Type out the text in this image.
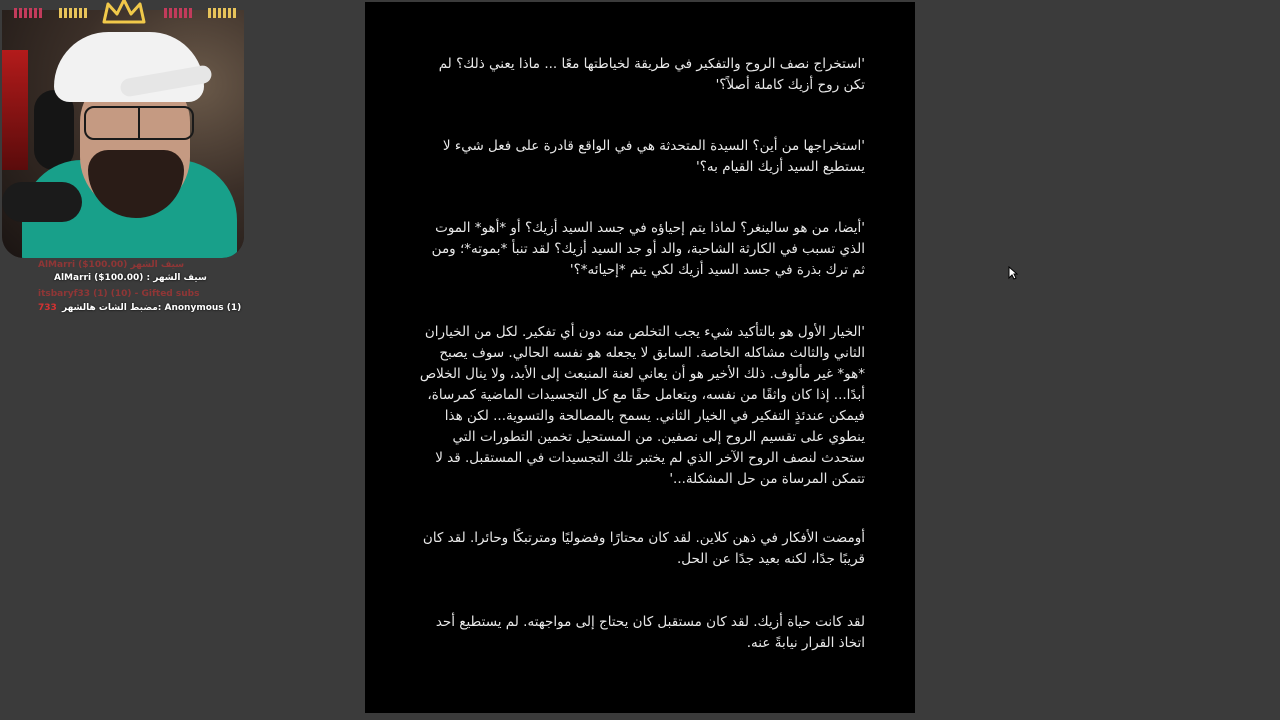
AlMarri ($100.00) سيف الشهر
AlMarri ($100.00) : سيف الشهر
itsbaryf33 (1) (10) - Gifted subs
733 مضبط الشات هالشهر: Anonymous (1)

'استخراج نصف الروح والتفكير في طريقة لخياطتها معًا ... ماذا يعني ذلك؟ لم تكن روح أزيك كاملة أصلاً؟'

'استخراجها من أين؟ السيدة المتحدثة هي في الواقع قادرة على فعل شيء لا يستطيع السيد أزيك القيام به؟'

'أيضا، من هو سالينغر؟ لماذا يتم إحياؤه في جسد السيد أزيك؟ أو *أهو* الموت الذي تسبب في الكارثة الشاحبة، والد أو جد السيد أزيك؟ لقد تنبأ *بموته*؛ ومن ثم ترك بذرة في جسد السيد أزيك لكي يتم *إحيائه*؟'

'الخيار الأول هو بالتأكيد شيء يجب التخلص منه دون أي تفكير. لكل من الخياران الثاني والثالث مشاكله الخاصة. السابق لا يجعله هو نفسه الحالي. سوف يصبح *هو* غير مألوف. ذلك الأخير هو أن يعاني لعنة المنبعث إلى الأبد، ولا ينال الخلاص أبدًا... إذا كان واثقًا من نفسه، ويتعامل حقًا مع كل التجسيدات الماضية كمرساة، فيمكن عندئذٍ التفكير في الخيار الثاني. يسمح بالمصالحة والتسوية... لكن هذا ينطوي على تقسيم الروح إلى نصفين. من المستحيل تخمين التطورات التي ستحدث لنصف الروح الآخر الذي لم يختبر تلك التجسيدات في المستقبل. قد لا تتمكن المرساة من حل المشكلة...'

أومضت الأفكار في ذهن كلاين. لقد كان محتارًا وفضوليًا ومترتبكًا وحائرا. لقد كان قريبًا جدًا، لكنه بعيد جدًا عن الحل.

لقد كانت حياة أزيك. لقد كان مستقبل كان يحتاج إلى مواجهته. لم يستطيع أحد اتخاذ القرار نيابةً عنه.
